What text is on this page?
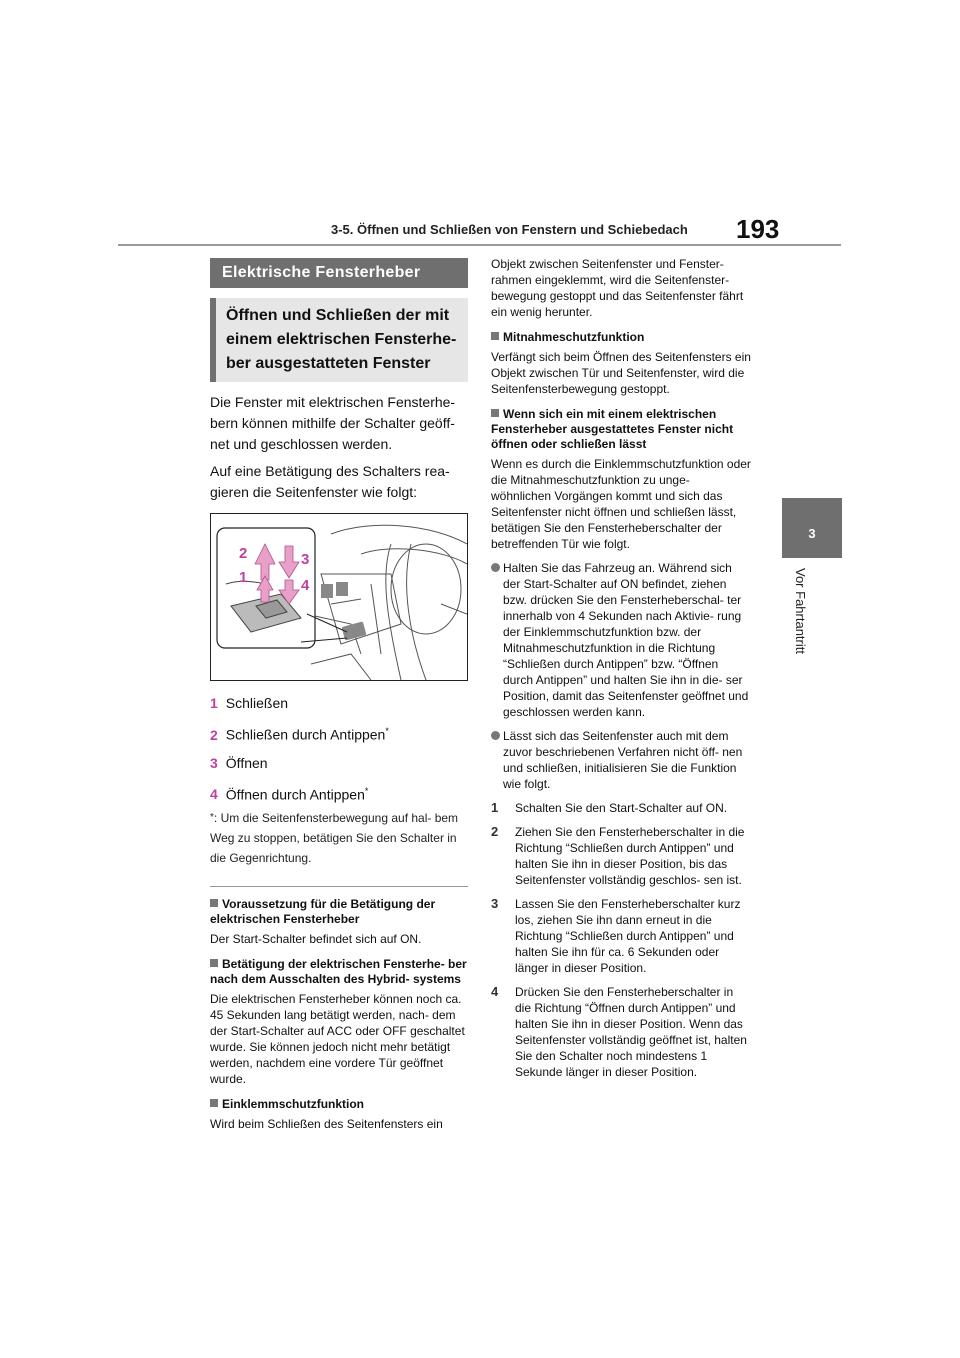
3-5. Öffnen und Schließen von Fenstern und Schiebedach 193
3
Vor Fahrtantritt
Elektrische Fensterheber
Öffnen und Schließen der mit einem elektrischen Fensterhe- ber ausgestatteten Fenster

Die Fenster mit elektrischen Fensterhe- bern können mithilfe der Schalter geöff- net und geschlossen werden.

Auf eine Betätigung des Schalters rea- gieren die Seitenfenster wie folgt:

2
1
3
4
1 Schließen
2 Schließen durch Antippen*
3 Öffnen
4 Öffnen durch Antippen*
*: Um die Seitenfensterbewegung auf hal- bem Weg zu stoppen, betätigen Sie den Schalter in die Gegenrichtung.
Voraussetzung für die Betätigung der elektrischen Fensterheber
Der Start-Schalter befindet sich auf ON.
Betätigung der elektrischen Fensterhe- ber nach dem Ausschalten des Hybrid- systems
Die elektrischen Fensterheber können noch ca. 45 Sekunden lang betätigt werden, nach- dem der Start-Schalter auf ACC oder OFF geschaltet wurde. Sie können jedoch nicht mehr betätigt werden, nachdem eine vordere Tür geöffnet wurde.
Einklemmschutzfunktion
Wird beim Schließen des Seitenfensters ein
Objekt zwischen Seitenfenster und Fenster- rahmen eingeklemmt, wird die Seitenfenster- bewegung gestoppt und das Seitenfenster fährt ein wenig herunter.
Mitnahmeschutzfunktion
Verfängt sich beim Öffnen des Seitenfensters ein Objekt zwischen Tür und Seitenfenster, wird die Seitenfensterbewegung gestoppt.
Wenn sich ein mit einem elektrischen Fensterheber ausgestattetes Fenster nicht öffnen oder schließen lässt
Wenn es durch die Einklemmschutzfunktion oder die Mitnahmeschutzfunktion zu unge- wöhnlichen Vorgängen kommt und sich das Seitenfenster nicht öffnen und schließen lässt, betätigen Sie den Fensterheberschalter der betreffenden Tür wie folgt.
Halten Sie das Fahrzeug an. Während sich der Start-Schalter auf ON befindet, ziehen bzw. drücken Sie den Fensterheberschal- ter innerhalb von 4 Sekunden nach Aktivie- rung der Einklemmschutzfunktion bzw. der Mitnahmeschutzfunktion in die Richtung “Schließen durch Antippen” bzw. “Öffnen durch Antippen” und halten Sie ihn in die- ser Position, damit das Seitenfenster geöffnet und geschlossen werden kann.
Lässt sich das Seitenfenster auch mit dem zuvor beschriebenen Verfahren nicht öff- nen und schließen, initialisieren Sie die Funktion wie folgt.
1 Schalten Sie den Start-Schalter auf ON.
2 Ziehen Sie den Fensterheberschalter in die Richtung “Schließen durch Antippen” und halten Sie ihn in dieser Position, bis das Seitenfenster vollständig geschlos- sen ist.
3 Lassen Sie den Fensterheberschalter kurz los, ziehen Sie ihn dann erneut in die Richtung “Schließen durch Antippen” und halten Sie ihn für ca. 6 Sekunden oder länger in dieser Position.
4 Drücken Sie den Fensterheberschalter in die Richtung “Öffnen durch Antippen” und halten Sie ihn in dieser Position. Wenn das Seitenfenster vollständig geöffnet ist, halten Sie den Schalter noch mindestens 1 Sekunde länger in dieser Position.
